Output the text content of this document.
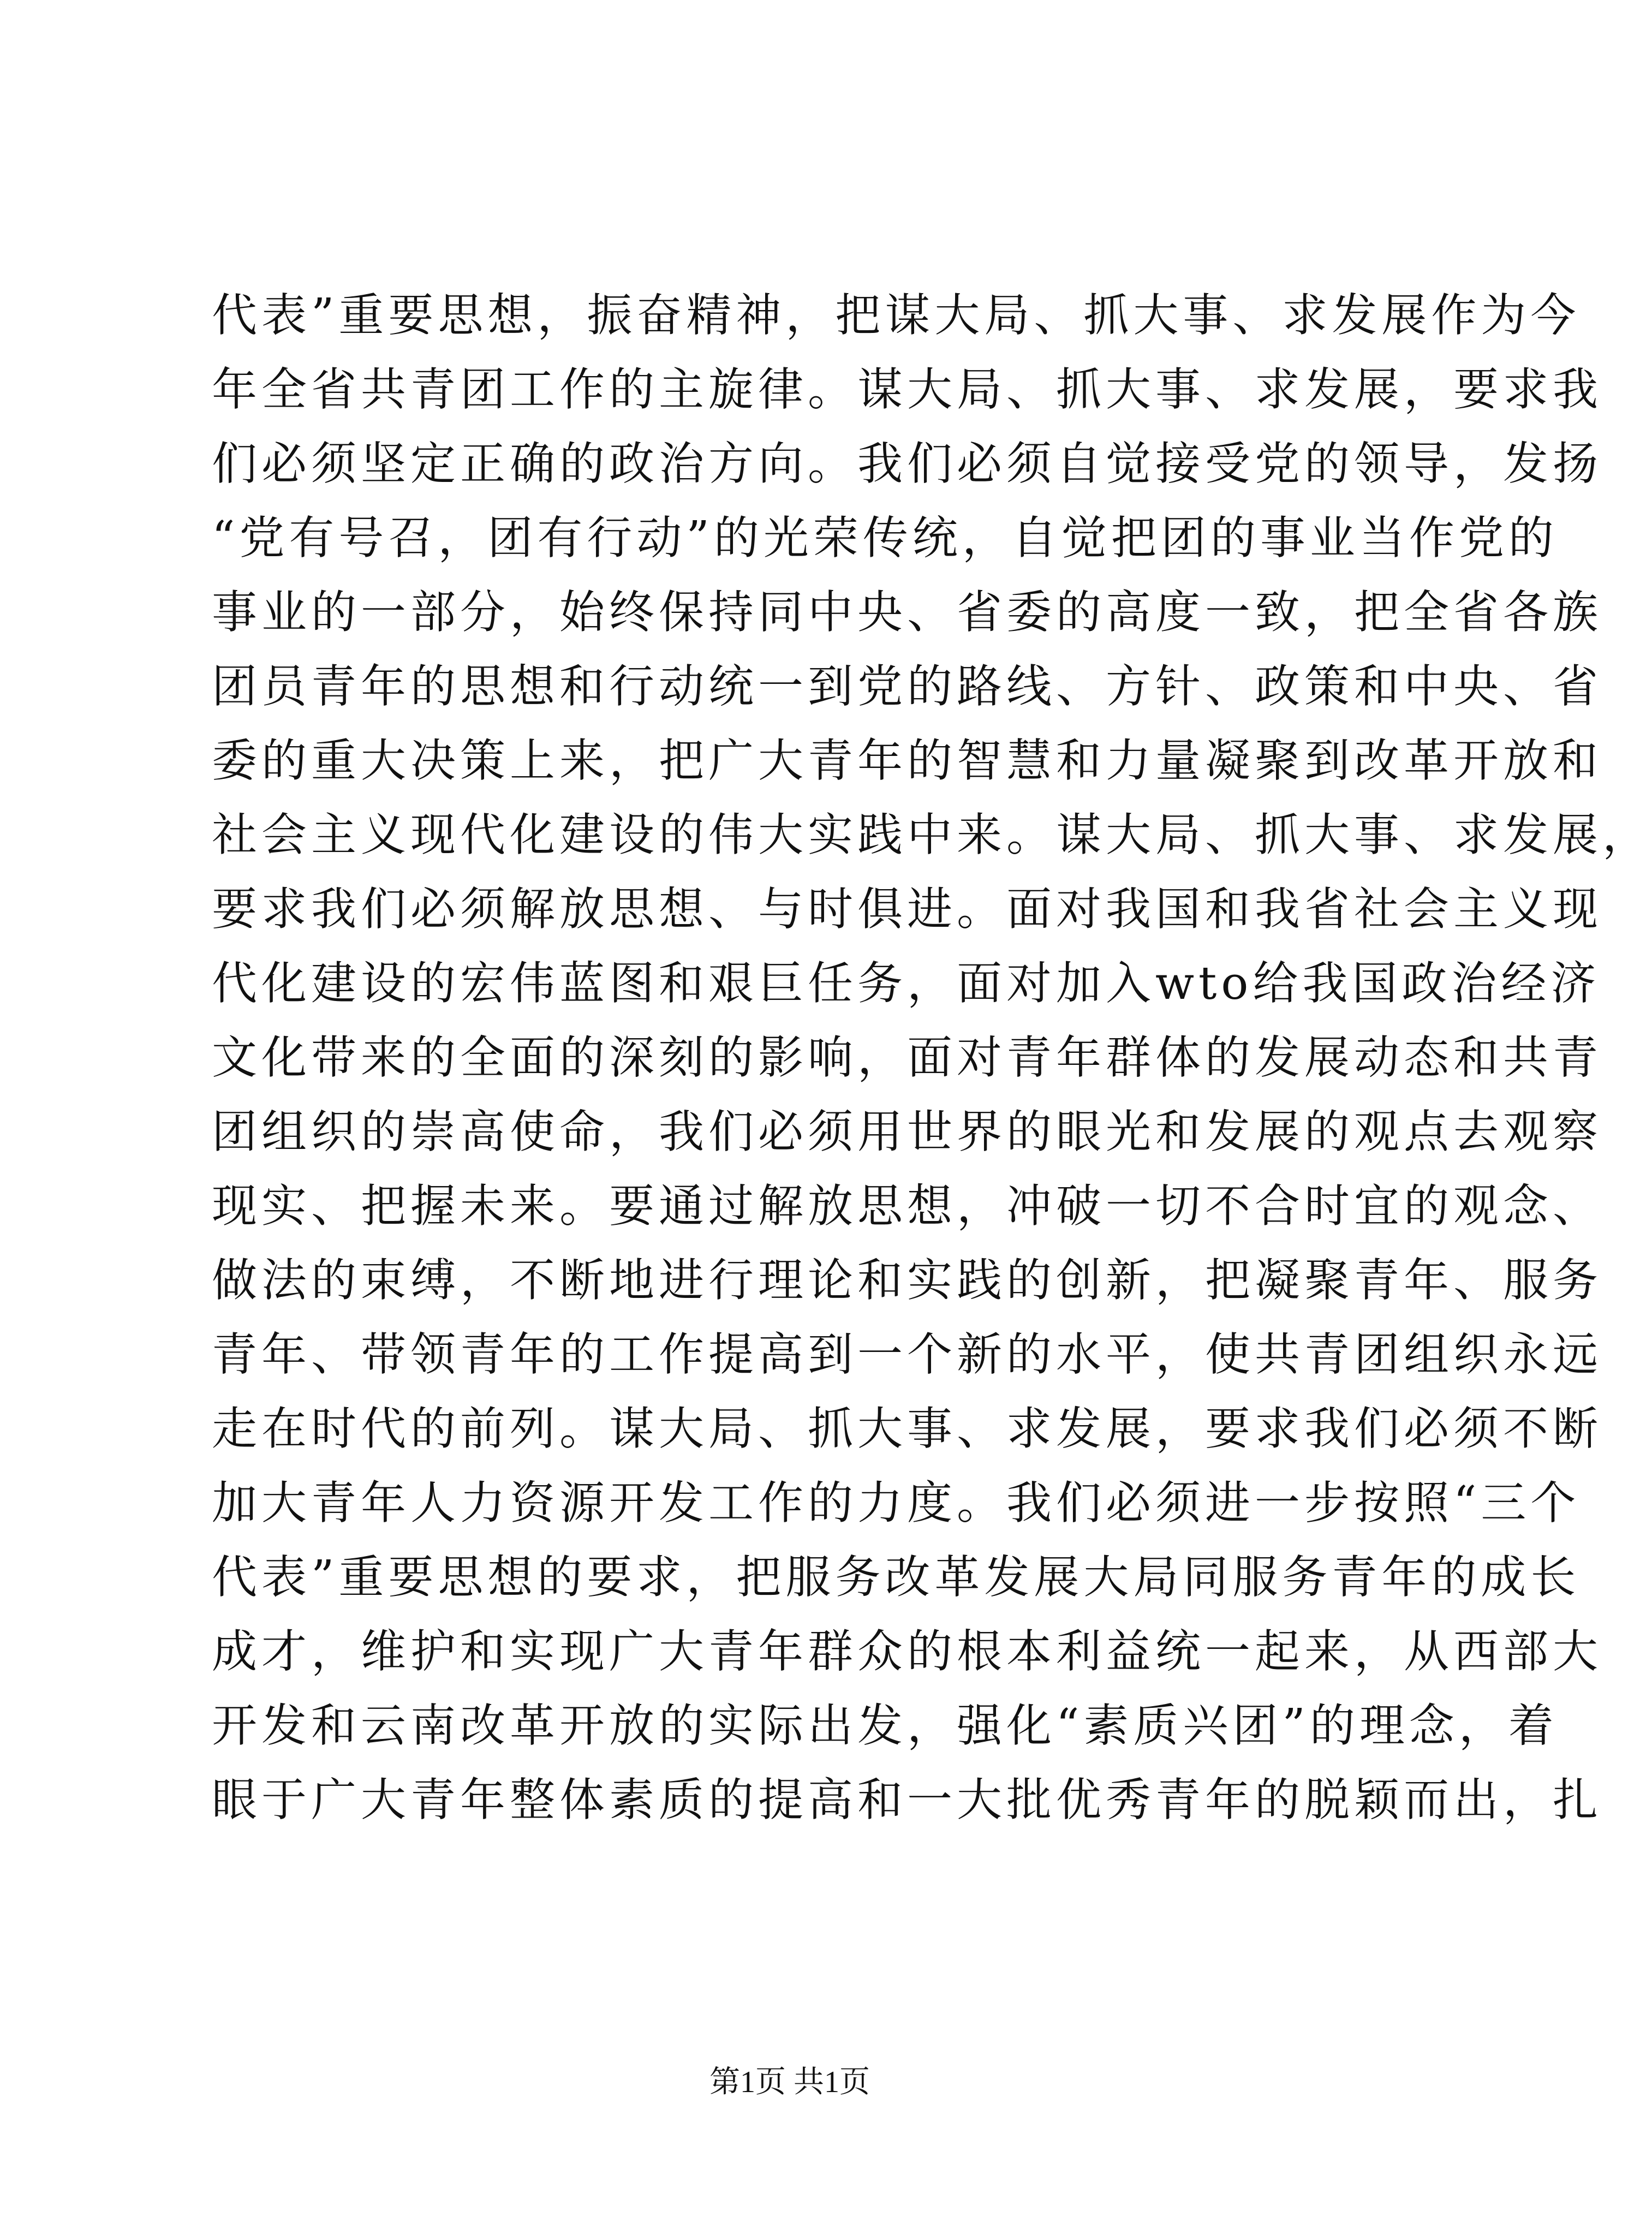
代表”重要思想，振奋精神，把谋大局、抓大事、求发展作为今
年全省共青团工作的主旋律。谋大局、抓大事、求发展，要求我
们必须坚定正确的政治方向。我们必须自觉接受党的领导，发扬
“党有号召，团有行动”的光荣传统，自觉把团的事业当作党的
事业的一部分，始终保持同中央、省委的高度一致，把全省各族
团员青年的思想和行动统一到党的路线、方针、政策和中央、省
委的重大决策上来，把广大青年的智慧和力量凝聚到改革开放和
社会主义现代化建设的伟大实践中来。谋大局、抓大事、求发展，
要求我们必须解放思想、与时俱进。面对我国和我省社会主义现
代化建设的宏伟蓝图和艰巨任务，面对加入wto给我国政治经济
文化带来的全面的深刻的影响，面对青年群体的发展动态和共青
团组织的崇高使命，我们必须用世界的眼光和发展的观点去观察
现实、把握未来。要通过解放思想，冲破一切不合时宜的观念、
做法的束缚，不断地进行理论和实践的创新，把凝聚青年、服务
青年、带领青年的工作提高到一个新的水平，使共青团组织永远
走在时代的前列。谋大局、抓大事、求发展，要求我们必须不断
加大青年人力资源开发工作的力度。我们必须进一步按照“三个
代表”重要思想的要求，把服务改革发展大局同服务青年的成长
成才，维护和实现广大青年群众的根本利益统一起来，从西部大
开发和云南改革开放的实际出发，强化“素质兴团”的理念，着
眼于广大青年整体素质的提高和一大批优秀青年的脱颖而出，扎
第1页 共1页
